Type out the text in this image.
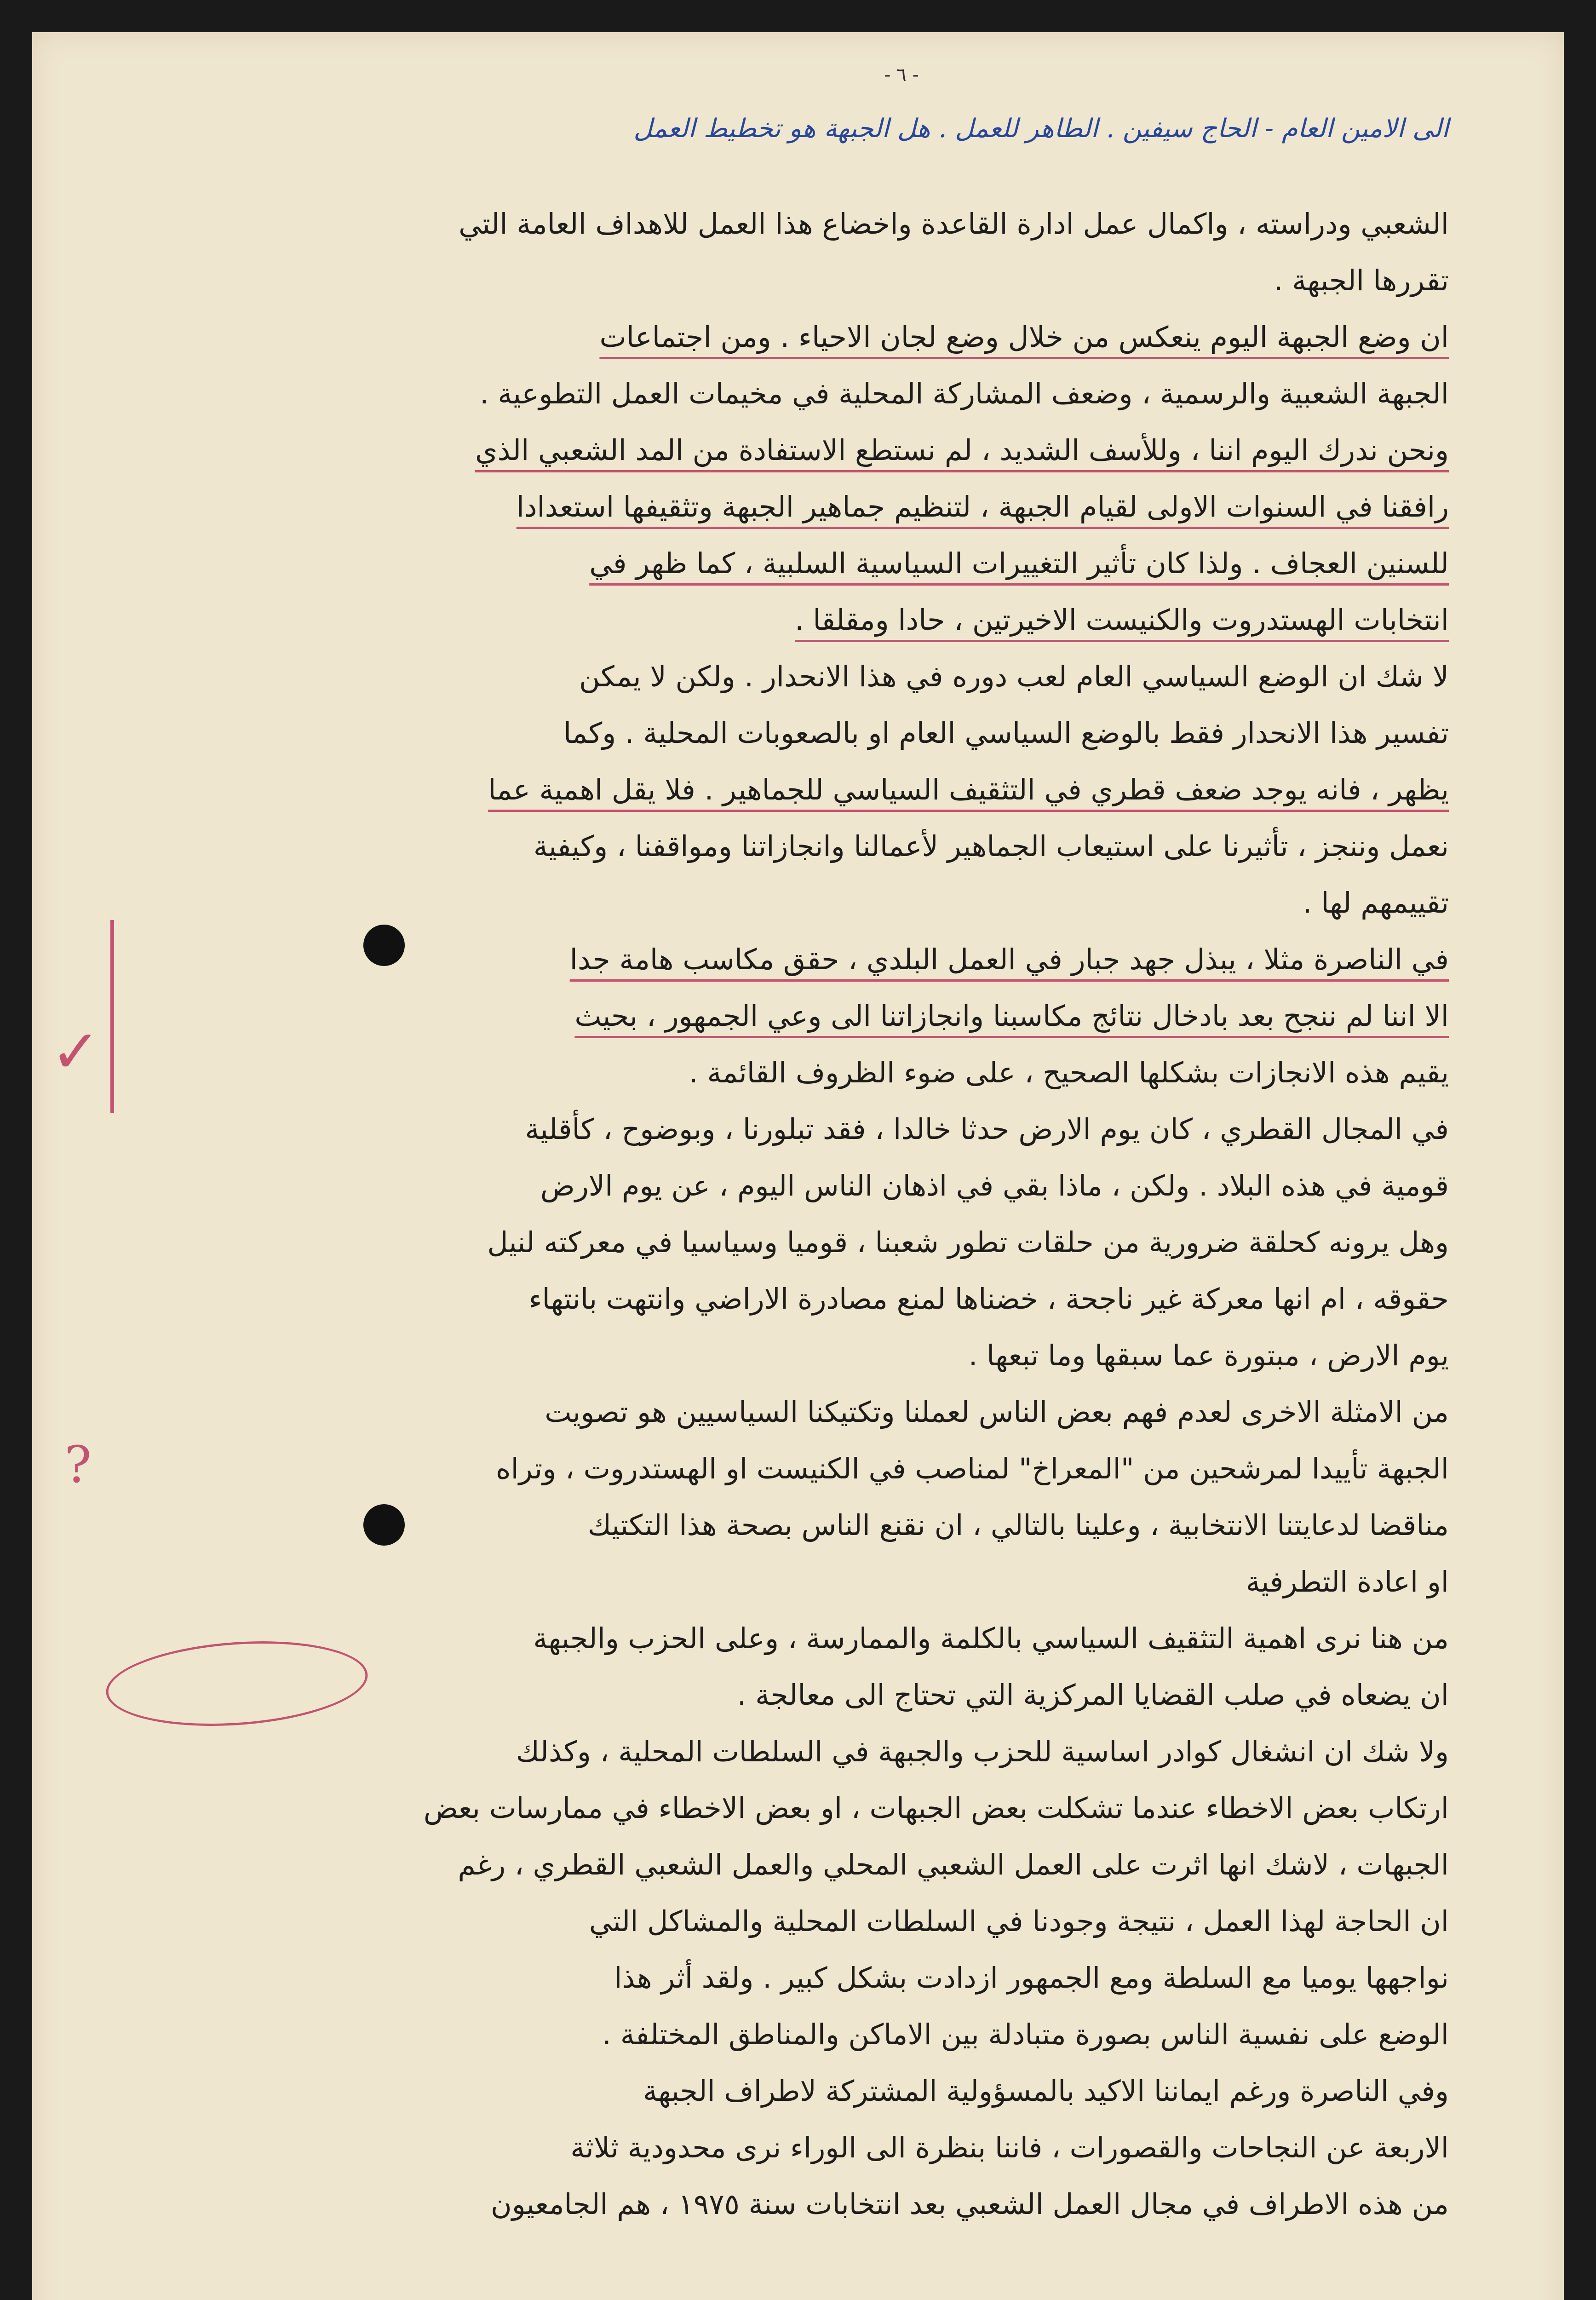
- ٦ -
الى الامين العام - الحاج سيفين . الطاهر للعمل . هل الجبهة هو تخطيط العمل
الشعبي ودراسته ، واكمال عمل ادارة القاعدة واخضاع هذا العمل للاهداف العامة التي
تقررها الجبهة .
ان وضع الجبهة اليوم ينعكس من خلال وضع لجان الاحياء . ومن اجتماعات
الجبهة الشعبية والرسمية ، وضعف المشاركة المحلية في مخيمات العمل التطوعية .
ونحن ندرك اليوم اننا ، وللأسف الشديد ، لم نستطع الاستفادة من المد الشعبي الذي
رافقنا في السنوات الاولى لقيام الجبهة ، لتنظيم جماهير الجبهة وتثقيفها استعدادا
للسنين العجاف . ولذا كان تأثير التغييرات السياسية السلبية ، كما ظهر في
انتخابات الهستدروت والكنيست الاخيرتين ، حادا ومقلقا .
لا شك ان الوضع السياسي العام لعب دوره في هذا الانحدار . ولكن لا يمكن
تفسير هذا الانحدار فقط بالوضع السياسي العام او بالصعوبات المحلية . وكما
يظهر ، فانه يوجد ضعف قطري في التثقيف السياسي للجماهير . فلا يقل اهمية عما
نعمل وننجز ، تأثيرنا على استيعاب الجماهير لأعمالنا وانجازاتنا ومواقفنا ، وكيفية
تقييمهم لها .
في الناصرة مثلا ، يبذل جهد جبار في العمل البلدي ، حقق مكاسب هامة جدا
الا اننا لم ننجح بعد بادخال نتائج مكاسبنا وانجازاتنا الى وعي الجمهور ، بحيث
يقيم هذه الانجازات بشكلها الصحيح ، على ضوء الظروف القائمة .
في المجال القطري ، كان يوم الارض حدثا خالدا ، فقد تبلورنا ، وبوضوح ، كأقلية
قومية في هذه البلاد . ولكن ، ماذا بقي في اذهان الناس اليوم ، عن يوم الارض
وهل يرونه كحلقة ضرورية من حلقات تطور شعبنا ، قوميا وسياسيا في معركته لنيل
حقوقه ، ام انها معركة غير ناجحة ، خضناها لمنع مصادرة الاراضي وانتهت بانتهاء
يوم الارض ، مبتورة عما سبقها وما تبعها .
من الامثلة الاخرى لعدم فهم بعض الناس لعملنا وتكتيكنا السياسيين هو تصويت
الجبهة تأييدا لمرشحين من "المعراخ" لمناصب في الكنيست او الهستدروت ، وتراه
مناقضا لدعايتنا الانتخابية ، وعلينا بالتالي ، ان نقنع الناس بصحة هذا التكتيك
او اعادة التطرفية
من هنا نرى اهمية التثقيف السياسي بالكلمة والممارسة ، وعلى الحزب والجبهة
ان يضعاه في صلب القضايا المركزية التي تحتاج الى معالجة .
ولا شك ان انشغال كوادر اساسية للحزب والجبهة في السلطات المحلية ، وكذلك
ارتكاب بعض الاخطاء عندما تشكلت بعض الجبهات ، او بعض الاخطاء في ممارسات بعض
الجبهات ، لاشك انها اثرت على العمل الشعبي المحلي والعمل الشعبي القطري ، رغم
ان الحاجة لهذا العمل ، نتيجة وجودنا في السلطات المحلية والمشاكل التي
نواجهها يوميا مع السلطة ومع الجمهور ازدادت بشكل كبير . ولقد أثر هذا
الوضع على نفسية الناس بصورة متبادلة بين الاماكن والمناطق المختلفة .
وفي الناصرة ورغم ايماننا الاكيد بالمسؤولية المشتركة لاطراف الجبهة
الاربعة عن النجاحات والقصورات ، فاننا بنظرة الى الوراء نرى محدودية ثلاثة
من هذه الاطراف في مجال العمل الشعبي بعد انتخابات سنة ١٩٧٥ ، هم الجامعيون
✓
?
